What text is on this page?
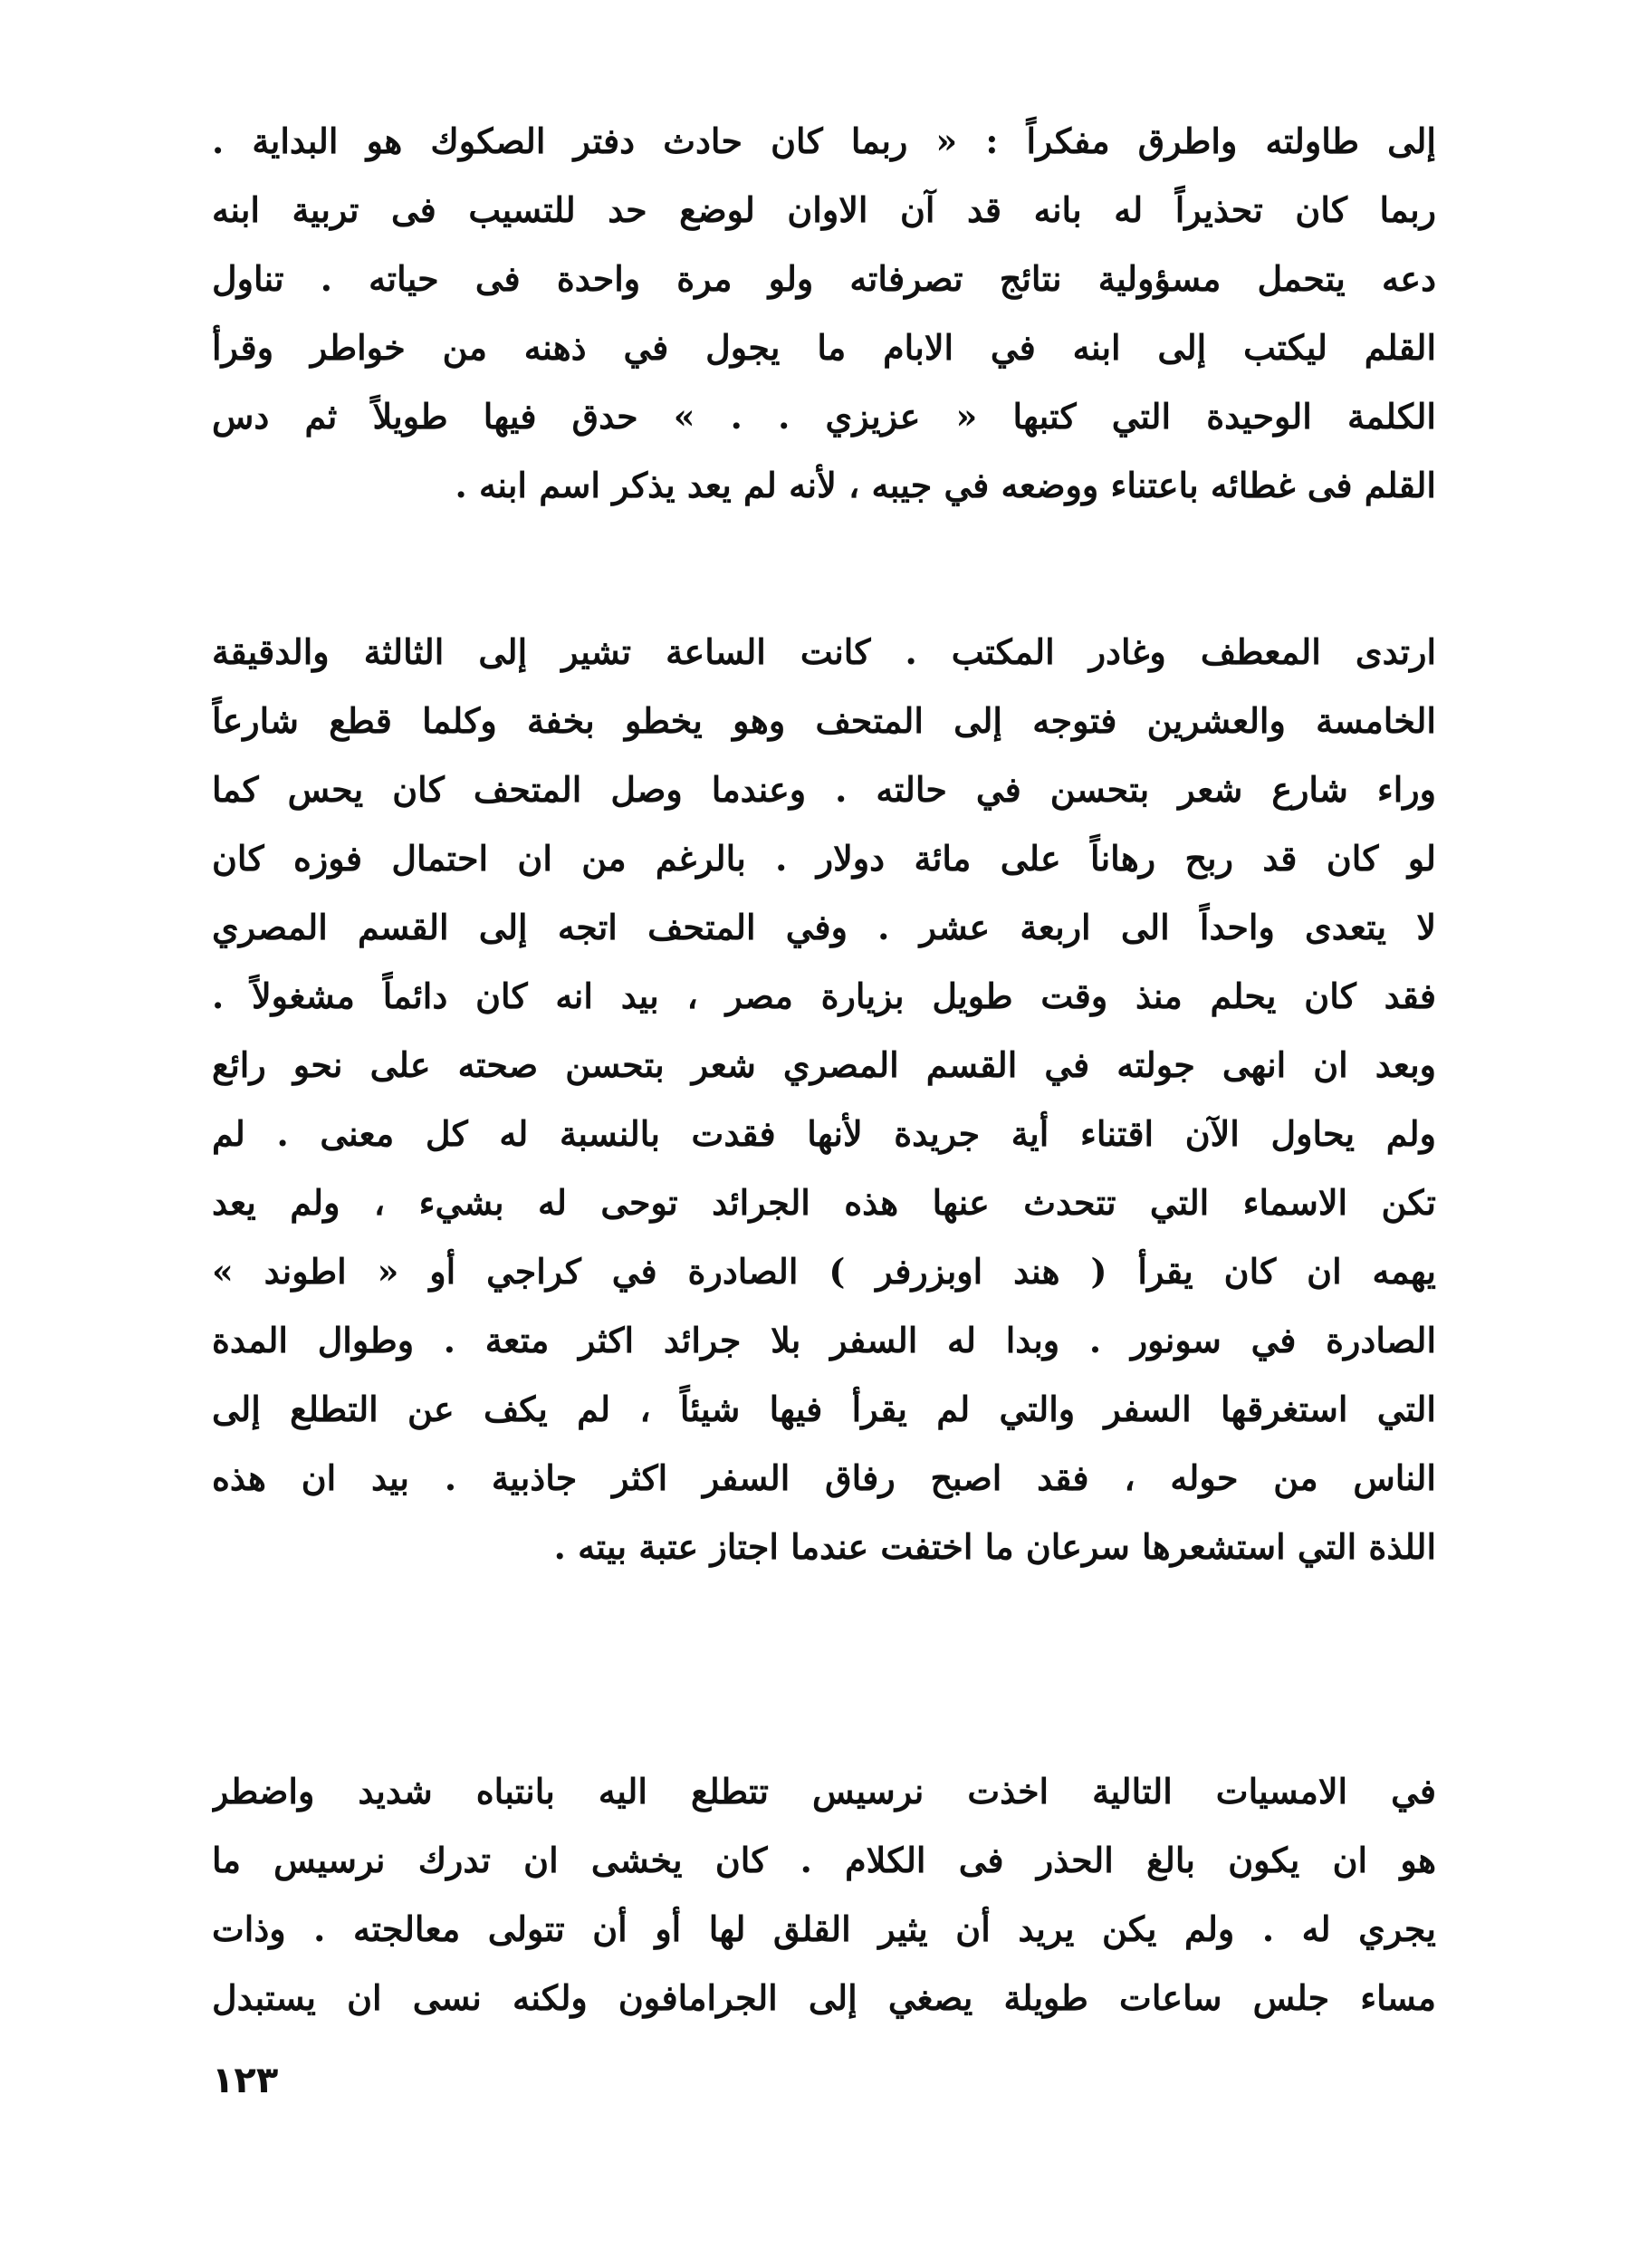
إلى طاولته واطرق مفكراً : « ربما كان حادث دفتر الصكوك هو البداية .
ربما كان تحذيراً له بانه قد آن الاوان لوضع حد للتسيب فى تربية ابنه
دعه يتحمل مسؤولية نتائج تصرفاته ولو مرة واحدة فى حياته . تناول
القلم ليكتب إلى ابنه في الابام ما يجول في ذهنه من خواطر وقرأ
الكلمة الوحيدة التي كتبها « عزيزي . . » حدق فيها طويلاً ثم دس
القلم فى غطائه باعتناء ووضعه في جيبه ، لأنه لم يعد يذكر اسم ابنه .
ارتدى المعطف وغادر المكتب . كانت الساعة تشير إلى الثالثة والدقيقة
الخامسة والعشرين فتوجه إلى المتحف وهو يخطو بخفة وكلما قطع شارعاً
وراء شارع شعر بتحسن في حالته . وعندما وصل المتحف كان يحس كما
لو كان قد ربح رهاناً على مائة دولار . بالرغم من ان احتمال فوزه كان
لا يتعدى واحداً الى اربعة عشر . وفي المتحف اتجه إلى القسم المصري
فقد كان يحلم منذ وقت طويل بزيارة مصر ، بيد انه كان دائماً مشغولاً .
وبعد ان انهى جولته في القسم المصري شعر بتحسن صحته على نحو رائع
ولم يحاول الآن اقتناء أية جريدة لأنها فقدت بالنسبة له كل معنى . لم
تكن الاسماء التي تتحدث عنها هذه الجرائد توحى له بشيء ، ولم يعد
يهمه ان كان يقرأ ( هند اوبزرفر ) الصادرة في كراجي أو « اطوند »
الصادرة في سونور . وبدا له السفر بلا جرائد اكثر متعة . وطوال المدة
التي استغرقها السفر والتي لم يقرأ فيها شيئاً ، لم يكف عن التطلع إلى
الناس من حوله ، فقد اصبح رفاق السفر اكثر جاذبية . بيد ان هذه
اللذة التي استشعرها سرعان ما اختفت عندما اجتاز عتبة بيته .
في الامسيات التالية اخذت نرسيس تتطلع اليه بانتباه شديد واضطر
هو ان يكون بالغ الحذر فى الكلام . كان يخشى ان تدرك نرسيس ما
يجري له . ولم يكن يريد أن يثير القلق لها أو أن تتولى معالجته . وذات
مساء جلس ساعات طويلة يصغي إلى الجرامافون ولكنه نسى ان يستبدل
١٢٣
